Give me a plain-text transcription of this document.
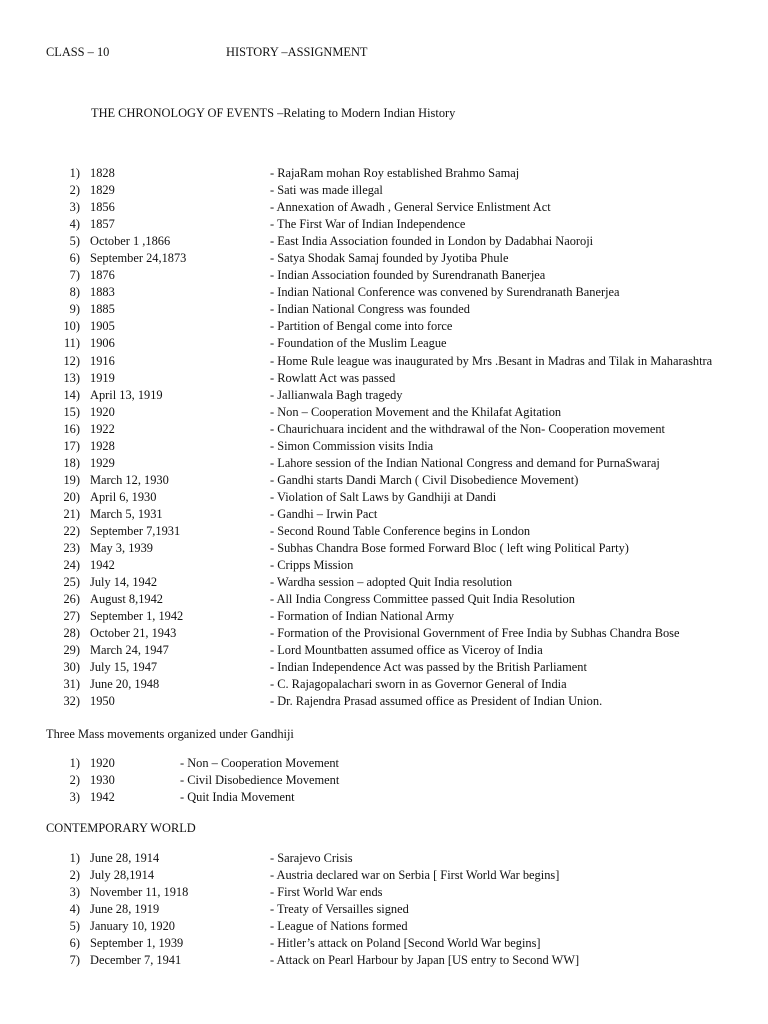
CLASS – 10	HISTORY –ASSIGNMENT
THE CHRONOLOGY OF EVENTS –Relating to Modern Indian History
1) 1828	- RajaRam mohan Roy established Brahmo Samaj
2) 1829	- Sati was made illegal
3) 1856	- Annexation of Awadh , General Service Enlistment Act
4) 1857	- The First War of Indian Independence
5) October 1 ,1866	- East India Association founded in London by Dadabhai Naoroji
6) September 24,1873	- Satya Shodak Samaj founded by Jyotiba Phule
7) 1876	- Indian Association founded by Surendranath Banerjea
8) 1883	- Indian National Conference was convened by Surendranath Banerjea
9) 1885	- Indian National Congress was founded
10) 1905	- Partition of Bengal come into force
11) 1906	- Foundation of the Muslim League
12) 1916	- Home Rule league was inaugurated by Mrs .Besant in Madras and Tilak in Maharashtra
13) 1919	- Rowlatt Act was passed
14) April 13, 1919	- Jallianwala Bagh tragedy
15) 1920	- Non – Cooperation Movement and the Khilafat Agitation
16) 1922	- Chaurichuara incident and the withdrawal of the Non- Cooperation movement
17) 1928	- Simon Commission visits India
18) 1929	- Lahore session of the Indian National Congress and demand for PurnaSwaraj
19) March 12, 1930	- Gandhi starts Dandi March ( Civil Disobedience Movement)
20) April 6, 1930	- Violation of Salt Laws by Gandhiji at Dandi
21) March 5, 1931	- Gandhi – Irwin Pact
22) September 7,1931	- Second Round Table Conference begins in London
23) May 3, 1939	- Subhas Chandra Bose formed Forward Bloc ( left wing Political Party)
24) 1942	- Cripps Mission
25) July 14, 1942	- Wardha session – adopted Quit India resolution
26) August 8,1942	- All India Congress Committee passed Quit India Resolution
27) September 1, 1942	- Formation of Indian National Army
28) October 21, 1943	- Formation of the Provisional Government of Free India by Subhas Chandra Bose
29) March 24, 1947	- Lord Mountbatten assumed office as Viceroy of India
30) July 15, 1947	- Indian Independence Act was passed by the British Parliament
31) June 20, 1948	- C. Rajagopalachari sworn in as Governor General of India
32) 1950	- Dr. Rajendra Prasad assumed office as President of Indian Union.
Three Mass movements organized under Gandhiji
1) 1920	- Non – Cooperation Movement
2) 1930	- Civil Disobedience Movement
3) 1942	- Quit India Movement
CONTEMPORARY WORLD
1) June 28, 1914	- Sarajevo Crisis
2) July 28,1914	- Austria declared war on Serbia [ First World War begins]
3) November 11, 1918	- First World War ends
4) June 28, 1919	- Treaty of Versailles signed
5) January 10, 1920	- League of Nations formed
6) September 1, 1939	- Hitler’s attack on Poland [Second World War begins]
7) December 7, 1941	- Attack on Pearl Harbour by Japan [US entry to Second WW]
